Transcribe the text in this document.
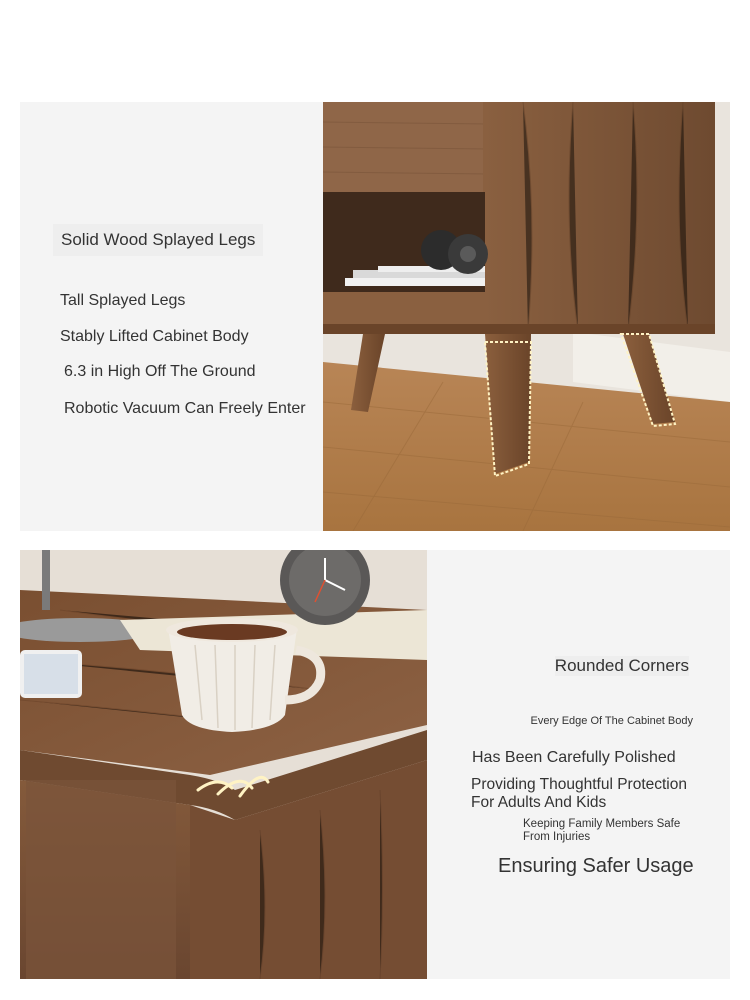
Solid Wood Splayed Legs
Tall Splayed Legs
Stably Lifted Cabinet Body
6.3 in High Off The Ground
Robotic Vacuum Can Freely Enter
Rounded Corners
Every Edge Of The Cabinet Body
Has Been Carefully Polished
Providing Thoughtful Protection For Adults And Kids
Keeping Family Members Safe From Injuries
Ensuring Safer Usage
